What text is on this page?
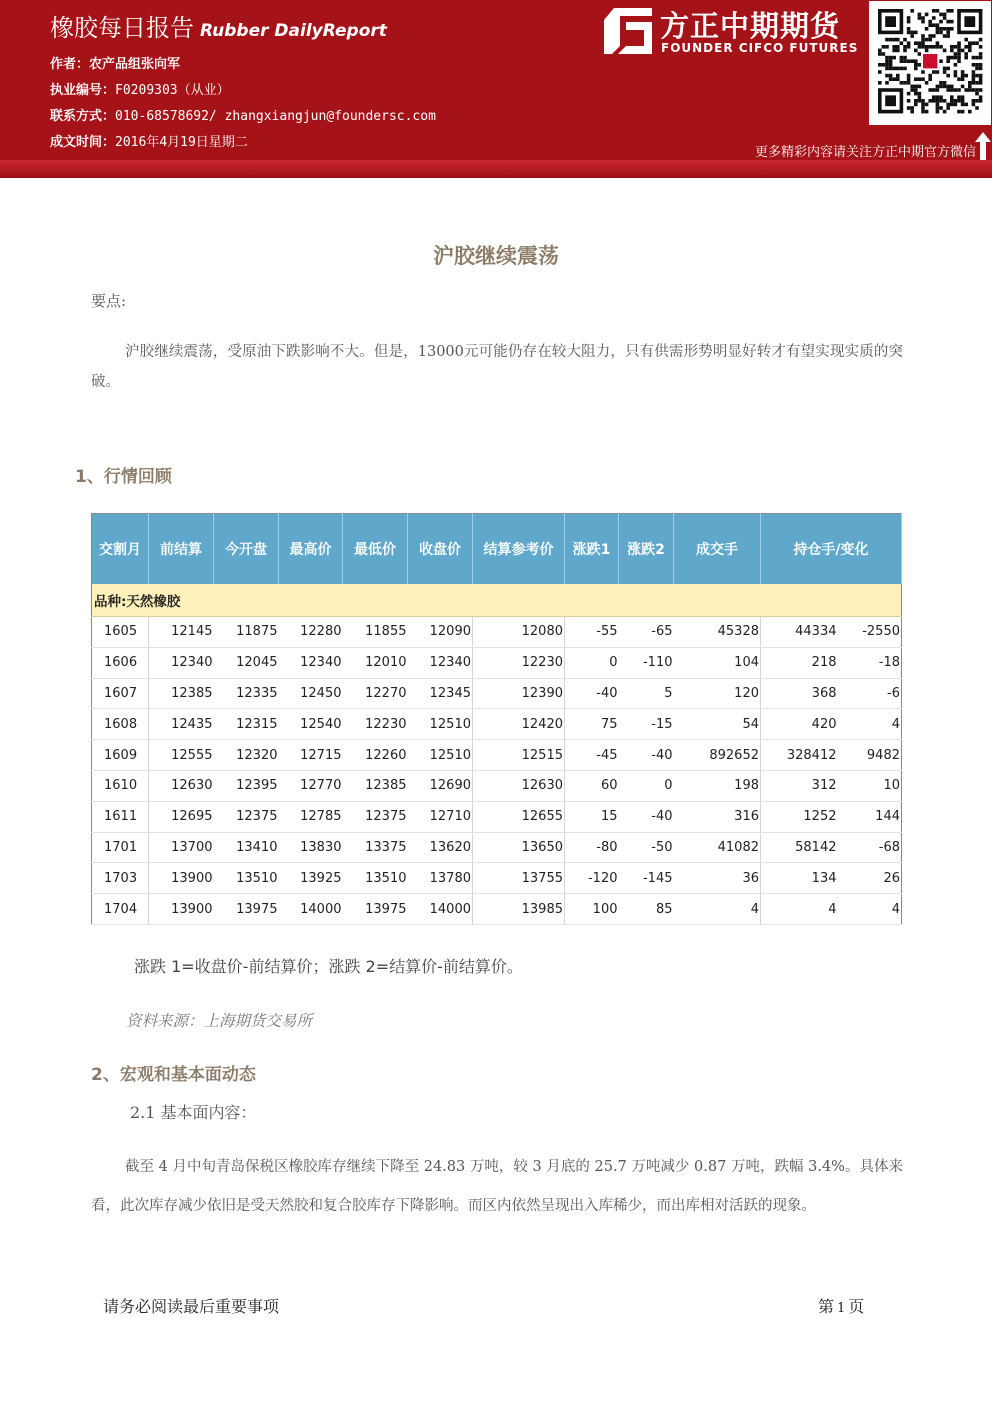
橡胶每日报告 Rubber DailyReport
作者：农产品组张向军
执业编号：F0209303（从业）
联系方式：010-68578692/ zhangxiangjun@foundersc.com
成文时间：2016年4月19日星期二
方正中期期货
FOUNDER CIFCO FUTURES
更多精彩内容请关注方正中期官方微信
沪胶继续震荡
要点:
沪胶继续震荡，受原油下跌影响不大。但是，13000元可能仍存在较大阻力，只有供需形势明显好转才有望实现实质的突破。
1、行情回顾
交割月	前结算	今开盘	最高价	最低价	收盘价	结算参考价	涨跌1	涨跌2	成交手	持仓手/变化	
品种:天然橡胶											
1605	12145	11875	12280	11855	12090	12080	-55	-65	45328	44334	-2550
1606	12340	12045	12340	12010	12340	12230	0	-110	104	218	-18
1607	12385	12335	12450	12270	12345	12390	-40	5	120	368	-6
1608	12435	12315	12540	12230	12510	12420	75	-15	54	420	4
1609	12555	12320	12715	12260	12510	12515	-45	-40	892652	328412	9482
1610	12630	12395	12770	12385	12690	12630	60	0	198	312	10
1611	12695	12375	12785	12375	12710	12655	15	-40	316	1252	144
1701	13700	13410	13830	13375	13620	13650	-80	-50	41082	58142	-68
1703	13900	13510	13925	13510	13780	13755	-120	-145	36	134	26
1704	13900	13975	14000	13975	14000	13985	100	85	4	4	4
涨跌 1=收盘价-前结算价；涨跌 2=结算价-前结算价。
资料来源：上海期货交易所
2、宏观和基本面动态
2.1 基本面内容：
截至 4 月中旬青岛保税区橡胶库存继续下降至 24.83 万吨，较 3 月底的 25.7 万吨减少 0.87 万吨，跌幅 3.4%。具体来看，此次库存减少依旧是受天然胶和复合胶库存下降影响。而区内依然呈现出入库稀少，而出库相对活跃的现象。
请务必阅读最后重要事项	第 1 页
